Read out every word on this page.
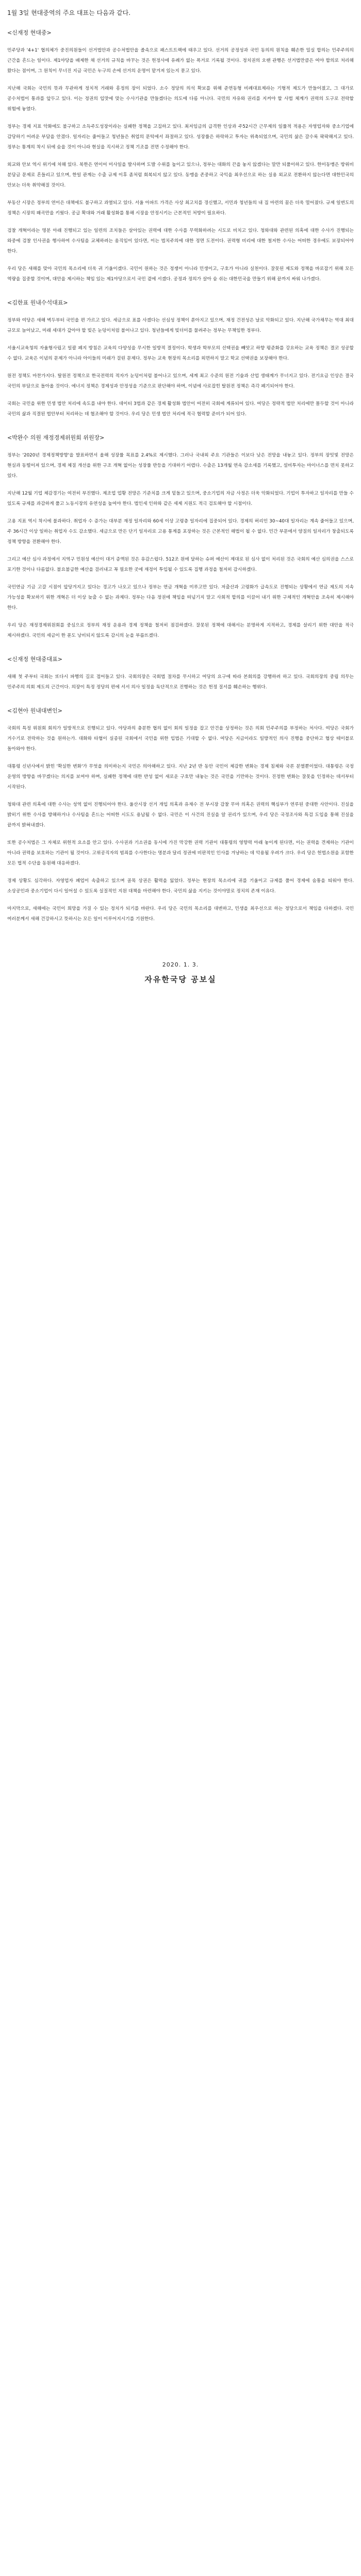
1월 3일 현대중역의 주요 대표는 다음과 같다.

<신재정 현대중>

민주당과 '4+1' 협의체가 중진의원들이 선거법안과 공수처법안을 졸속으로 패스트트랙에 태우고 있다. 선거의 공정성과 국민 동의의 원칙을 훼손한 밀실 합의는 민주주의의 근간을 흔드는 일이다. 제1야당을 배제한 채 선거의 규칙을 바꾸는 것은 헌정사에 유례가 없는 폭거로 기록될 것이다. 정치권의 오랜 관행은 선거법만큼은 여야 합의로 처리해 왔다는 점이며, 그 원칙이 무너진 지금 국민은 누구의 손에 선거의 운명이 맡겨져 있는지 묻고 있다.

지난해 국회는 국민의 뜻과 무관하게 정치적 거래와 흥정의 장이 되었다. 소수 정당의 의석 확보를 위해 준연동형 비례대표제라는 기형적 제도가 만들어졌고, 그 대가로 공수처법이 통과를 앞두고 있다. 이는 정권의 입맛에 맞는 수사기관을 만들겠다는 의도에 다름 아니다. 국민의 자유와 권리를 지켜야 할 사법 체계가 권력의 도구로 전락할 위험에 놓였다.

정부는 경제 지표 악화에도 불구하고 소득주도성장이라는 실패한 정책을 고집하고 있다. 최저임금의 급격한 인상과 주52시간 근무제의 일률적 적용은 자영업자와 중소기업에 감당하기 어려운 부담을 안겼다. 일자리는 줄어들고 청년들은 취업의 문턱에서 좌절하고 있다. 성장률은 하락하고 투자는 위축되었으며, 국민의 삶은 갈수록 팍팍해지고 있다. 정부는 통계의 착시 뒤에 숨을 것이 아니라 현실을 직시하고 정책 기조를 전면 수정해야 한다.

외교와 안보 역시 위기에 처해 있다. 북한은 연이어 미사일을 발사하며 도발 수위를 높이고 있으나, 정부는 대화의 끈을 놓지 않겠다는 말만 되풀이하고 있다. 한미동맹은 방위비 분담금 문제로 흔들리고 있으며, 한일 관계는 수출 규제 이후 좀처럼 회복되지 않고 있다. 동맹을 존중하고 국익을 최우선으로 하는 실용 외교로 전환하지 않는다면 대한민국의 안보는 더욱 취약해질 것이다.

부동산 시장은 정부의 연이은 대책에도 불구하고 과열되고 있다. 서울 아파트 가격은 사상 최고치를 경신했고, 서민과 청년들의 내 집 마련의 꿈은 더욱 멀어졌다. 규제 일변도의 정책은 시장의 왜곡만을 키웠다. 공급 확대와 거래 활성화를 통해 시장을 안정시키는 근본적인 처방이 필요하다.

검찰 개혁이라는 명분 아래 진행되고 있는 일련의 조치들은 살아있는 권력에 대한 수사를 무력화하려는 시도로 비치고 있다. 청와대와 관련된 의혹에 대한 수사가 진행되는 와중에 검찰 인사권을 행사하여 수사팀을 교체하려는 움직임이 있다면, 이는 법치주의에 대한 정면 도전이다. 권력형 비리에 대한 철저한 수사는 어떠한 경우에도 보장되어야 한다.

우리 당은 새해를 맞아 국민의 목소리에 더욱 귀 기울이겠다. 국민이 원하는 것은 정쟁이 아니라 민생이고, 구호가 아니라 실천이다. 잘못된 제도와 정책을 바로잡기 위해 모든 역량을 집중할 것이며, 대안을 제시하는 책임 있는 제1야당으로서 국민 곁에 서겠다. 공정과 정의가 살아 숨 쉬는 대한민국을 만들기 위해 끝까지 싸워 나가겠다.

<김한표 원내수석대표>

정부와 여당은 새해 벽두부터 국민을 편 가르고 있다. 세금으로 표를 사겠다는 선심성 정책이 쏟아지고 있으며, 재정 건전성은 날로 악화되고 있다. 지난해 국가채무는 역대 최대 규모로 늘어났고, 미래 세대가 갚아야 할 빚은 눈덩이처럼 불어나고 있다. 청년들에게 빚더미를 물려주는 정부는 무책임한 정부다.

서울시교육청의 자율형사립고 일괄 폐지 방침은 교육의 다양성을 무시한 일방적 결정이다. 학생과 학부모의 선택권을 빼앗고 하향 평준화를 강요하는 교육 정책은 결코 성공할 수 없다. 교육은 이념의 문제가 아니라 아이들의 미래가 걸린 문제다. 정부는 교육 현장의 목소리를 외면하지 말고 학교 선택권을 보장해야 한다.

원전 정책도 마찬가지다. 탈원전 정책으로 한국전력의 적자가 눈덩이처럼 불어나고 있으며, 세계 최고 수준의 원전 기술과 산업 생태계가 무너지고 있다. 전기요금 인상은 결국 국민의 부담으로 돌아올 것이다. 에너지 정책은 경제성과 안정성을 기준으로 판단해야 하며, 이념에 사로잡힌 탈원전 정책은 즉각 폐기되어야 한다.

국회는 국민을 위한 민생 법안 처리에 속도를 내야 한다. 데이터 3법과 같은 경제 활성화 법안이 여전히 국회에 계류되어 있다. 여당은 정략적 법안 처리에만 몰두할 것이 아니라 국민의 삶과 직결된 법안부터 처리하는 데 협조해야 할 것이다. 우리 당은 민생 법안 처리에 적극 협력할 준비가 되어 있다.

<박완수 의원 재정경제위원회 위원장>

정부는 '2020년 경제정책방향'을 발표하면서 올해 성장률 목표를 2.4%로 제시했다. 그러나 국내외 주요 기관들은 이보다 낮은 전망을 내놓고 있다. 정부의 장밋빛 전망은 현실과 동떨어져 있으며, 경제 체질 개선을 위한 구조 개혁 없이는 성장률 반등을 기대하기 어렵다. 수출은 13개월 연속 감소세를 기록했고, 설비투자는 마이너스를 면치 못하고 있다.

지난해 12월 기업 체감경기는 여전히 부진했다. 제조업 업황 전망은 기준치를 크게 밑돌고 있으며, 중소기업의 자금 사정은 더욱 악화되었다. 기업이 투자하고 일자리를 만들 수 있도록 규제를 과감하게 풀고 노동시장의 유연성을 높여야 한다. 법인세 인하와 같은 세제 지원도 적극 검토해야 할 시점이다.

고용 지표 역시 착시에 불과하다. 취업자 수 증가는 대부분 재정 일자리와 60세 이상 고령층 일자리에 집중되어 있다. 경제의 허리인 30~40대 일자리는 계속 줄어들고 있으며, 주 36시간 이상 일하는 취업자 수도 감소했다. 세금으로 만든 단기 일자리로 고용 통계를 포장하는 것은 근본적인 해법이 될 수 없다. 민간 부문에서 양질의 일자리가 창출되도록 정책 방향을 전환해야 한다.

그리고 예산 심사 과정에서 지역구 민원성 예산이 대거 증액된 것은 유감스럽다. 512조 원에 달하는 슈퍼 예산이 제대로 된 심사 없이 처리된 것은 국회의 예산 심의권을 스스로 포기한 것이나 다름없다. 불요불급한 예산을 걸러내고 꼭 필요한 곳에 재정이 투입될 수 있도록 집행 과정을 철저히 감시하겠다.

국민연금 기금 고갈 시점이 앞당겨지고 있다는 경고가 나오고 있으나 정부는 연금 개혁을 미루고만 있다. 저출산과 고령화가 급속도로 진행되는 상황에서 연금 제도의 지속 가능성을 확보하기 위한 개혁은 더 이상 늦출 수 없는 과제다. 정부는 다음 정권에 책임을 떠넘기지 말고 사회적 합의를 이끌어 내기 위한 구체적인 개혁안을 조속히 제시해야 한다.

우리 당은 재정경제위원회를 중심으로 정부의 재정 운용과 경제 정책을 철저히 점검하겠다. 잘못된 정책에 대해서는 분명하게 지적하고, 경제를 살리기 위한 대안을 적극 제시하겠다. 국민의 세금이 한 푼도 낭비되지 않도록 감시의 눈을 부릅뜨겠다.

<신재정 현대중대표>

새해 첫 주부터 국회는 또다시 파행의 길로 접어들고 있다. 국회의장은 국회법 절차를 무시하고 여당의 요구에 따라 본회의를 강행하려 하고 있다. 국회의장의 중립 의무는 민주주의 의회 제도의 근간이다. 의장이 특정 정당의 편에 서서 의사 일정을 독단적으로 진행하는 것은 헌정 질서를 훼손하는 행위다.

<김현아 원내대변인>

국회의 특정 위원회 회의가 일방적으로 진행되고 있다. 야당과의 충분한 협의 없이 회의 일정을 잡고 안건을 상정하는 것은 의회 민주주의를 부정하는 처사다. 여당은 국회가 거수기로 전락하는 것을 원하는가. 대화와 타협이 실종된 국회에서 국민을 위한 입법은 기대할 수 없다. 여당은 지금이라도 일방적인 의사 진행을 중단하고 협상 테이블로 돌아와야 한다.

대통령 신년사에서 밝힌 '확실한 변화'가 무엇을 의미하는지 국민은 의아해하고 있다. 지난 2년 반 동안 국민이 체감한 변화는 경제 침체와 국론 분열뿐이었다. 대통령은 국정 운영의 방향을 바꾸겠다는 의지를 보여야 하며, 실패한 정책에 대한 반성 없이 새로운 구호만 내놓는 것은 국민을 기만하는 것이다. 진정한 변화는 잘못을 인정하는 데서부터 시작된다.

청와대 관련 의혹에 대한 수사는 성역 없이 진행되어야 한다. 울산시장 선거 개입 의혹과 유재수 전 부시장 감찰 무마 의혹은 권력의 핵심부가 연루된 중대한 사안이다. 진실을 밝히기 위한 수사를 방해하거나 수사팀을 흔드는 어떠한 시도도 용납될 수 없다. 국민은 이 사건의 진실을 알 권리가 있으며, 우리 당은 국정조사와 특검 도입을 통해 진실을 끝까지 밝혀내겠다.

또한 공수처법은 그 자체로 위헌적 요소를 안고 있다. 수사권과 기소권을 동시에 가진 막강한 권력 기관이 대통령의 영향력 아래 놓이게 된다면, 이는 권력을 견제하는 기관이 아니라 권력을 보호하는 기관이 될 것이다. 고위공직자의 범죄를 수사한다는 명분과 달리 정권에 비판적인 인사를 겨냥하는 데 악용될 우려가 크다. 우리 당은 헌법소원을 포함한 모든 법적 수단을 동원해 대응하겠다.

경제 상황도 심각하다. 자영업자 폐업이 속출하고 있으며 골목 상권은 활력을 잃었다. 정부는 현장의 목소리에 귀를 기울이고 규제를 풀어 경제에 숨통을 틔워야 한다. 소상공인과 중소기업이 다시 일어설 수 있도록 실질적인 지원 대책을 마련해야 한다. 국민의 삶을 지키는 것이야말로 정치의 존재 이유다.

마지막으로, 새해에는 국민이 희망을 가질 수 있는 정치가 되기를 바란다. 우리 당은 국민의 목소리를 대변하고, 민생을 최우선으로 하는 정당으로서 책임을 다하겠다. 국민 여러분께서 새해 건강하시고 뜻하시는 모든 일이 이루어지시기를 기원한다.

2020. 1. 3.

자유한국당 공보실
